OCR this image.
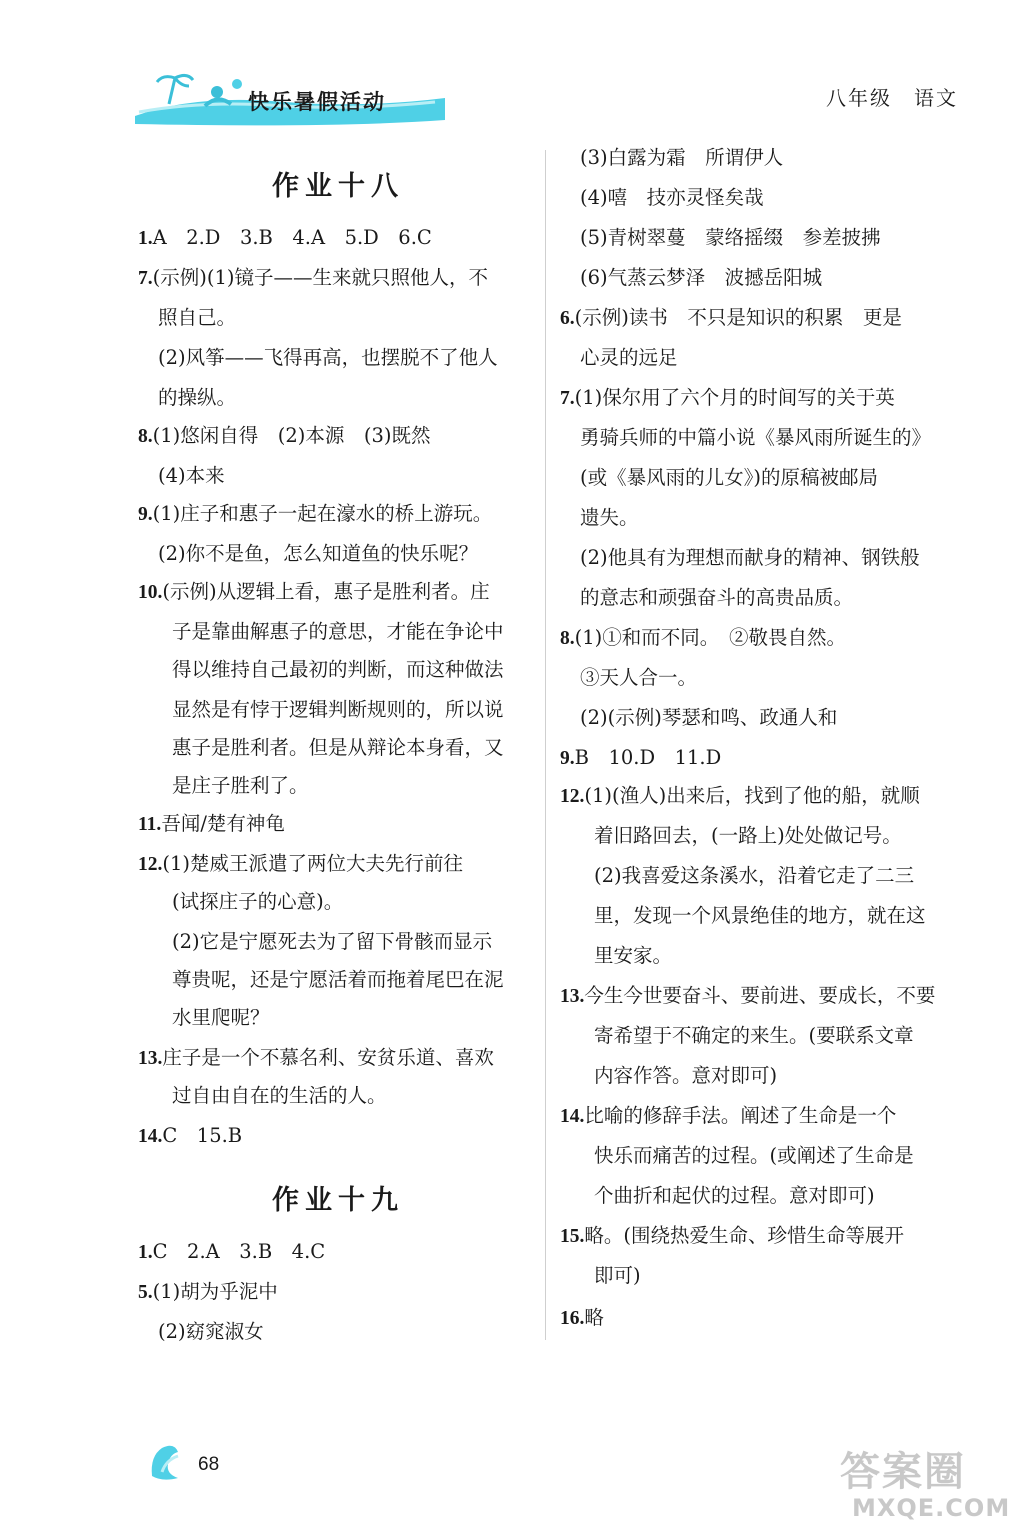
快乐暑假活动	八年级　语文
作业十八
1.A　2.D　3.B　4.A　5.D　6.C
7.(示例)(1)镜子——生来就只照他人，不
照自己。
(2)风筝——飞得再高，也摆脱不了他人
的操纵。
8.(1)悠闲自得　(2)本源　(3)既然
(4)本来
9.(1)庄子和惠子一起在濠水的桥上游玩。
(2)你不是鱼，怎么知道鱼的快乐呢？
10.(示例)从逻辑上看，惠子是胜利者。庄
子是靠曲解惠子的意思，才能在争论中
得以维持自己最初的判断，而这种做法
显然是有悖于逻辑判断规则的，所以说
惠子是胜利者。但是从辩论本身看，又
是庄子胜利了。
11.吾闻/楚有神龟
12.(1)楚威王派遣了两位大夫先行前往
(试探庄子的心意)。
(2)它是宁愿死去为了留下骨骸而显示
尊贵呢，还是宁愿活着而拖着尾巴在泥
水里爬呢？
13.庄子是一个不慕名利、安贫乐道、喜欢
过自由自在的生活的人。
14.C　15.B
作业十九
1.C　2.A　3.B　4.C
5.(1)胡为乎泥中
(2)窈窕淑女
(3)白露为霜　所谓伊人
(4)嘻　技亦灵怪矣哉
(5)青树翠蔓　蒙络摇缀　参差披拂
(6)气蒸云梦泽　波撼岳阳城
6.(示例)读书　不只是知识的积累　更是
心灵的远足
7.(1)保尔用了六个月的时间写的关于英
勇骑兵师的中篇小说《暴风雨所诞生的》
(或《暴风雨的儿女》)的原稿被邮局
遗失。
(2)他具有为理想而献身的精神、钢铁般
的意志和顽强奋斗的高贵品质。
8.(1)①和而不同。　②敬畏自然。
③天人合一。
(2)(示例)琴瑟和鸣、政通人和
9.B　10.D　11.D
12.(1)(渔人)出来后，找到了他的船，就顺
着旧路回去，(一路上)处处做记号。
(2)我喜爱这条溪水，沿着它走了二三
里，发现一个风景绝佳的地方，就在这
里安家。
13.今生今世要奋斗、要前进、要成长，不要
寄希望于不确定的来生。(要联系文章
内容作答。意对即可)
14.比喻的修辞手法。阐述了生命是一个
快乐而痛苦的过程。(或阐述了生命是
个曲折和起伏的过程。意对即可)
15.略。(围绕热爱生命、珍惜生命等展开
即可)
16.略
68	答案圈
MXQE.COM
